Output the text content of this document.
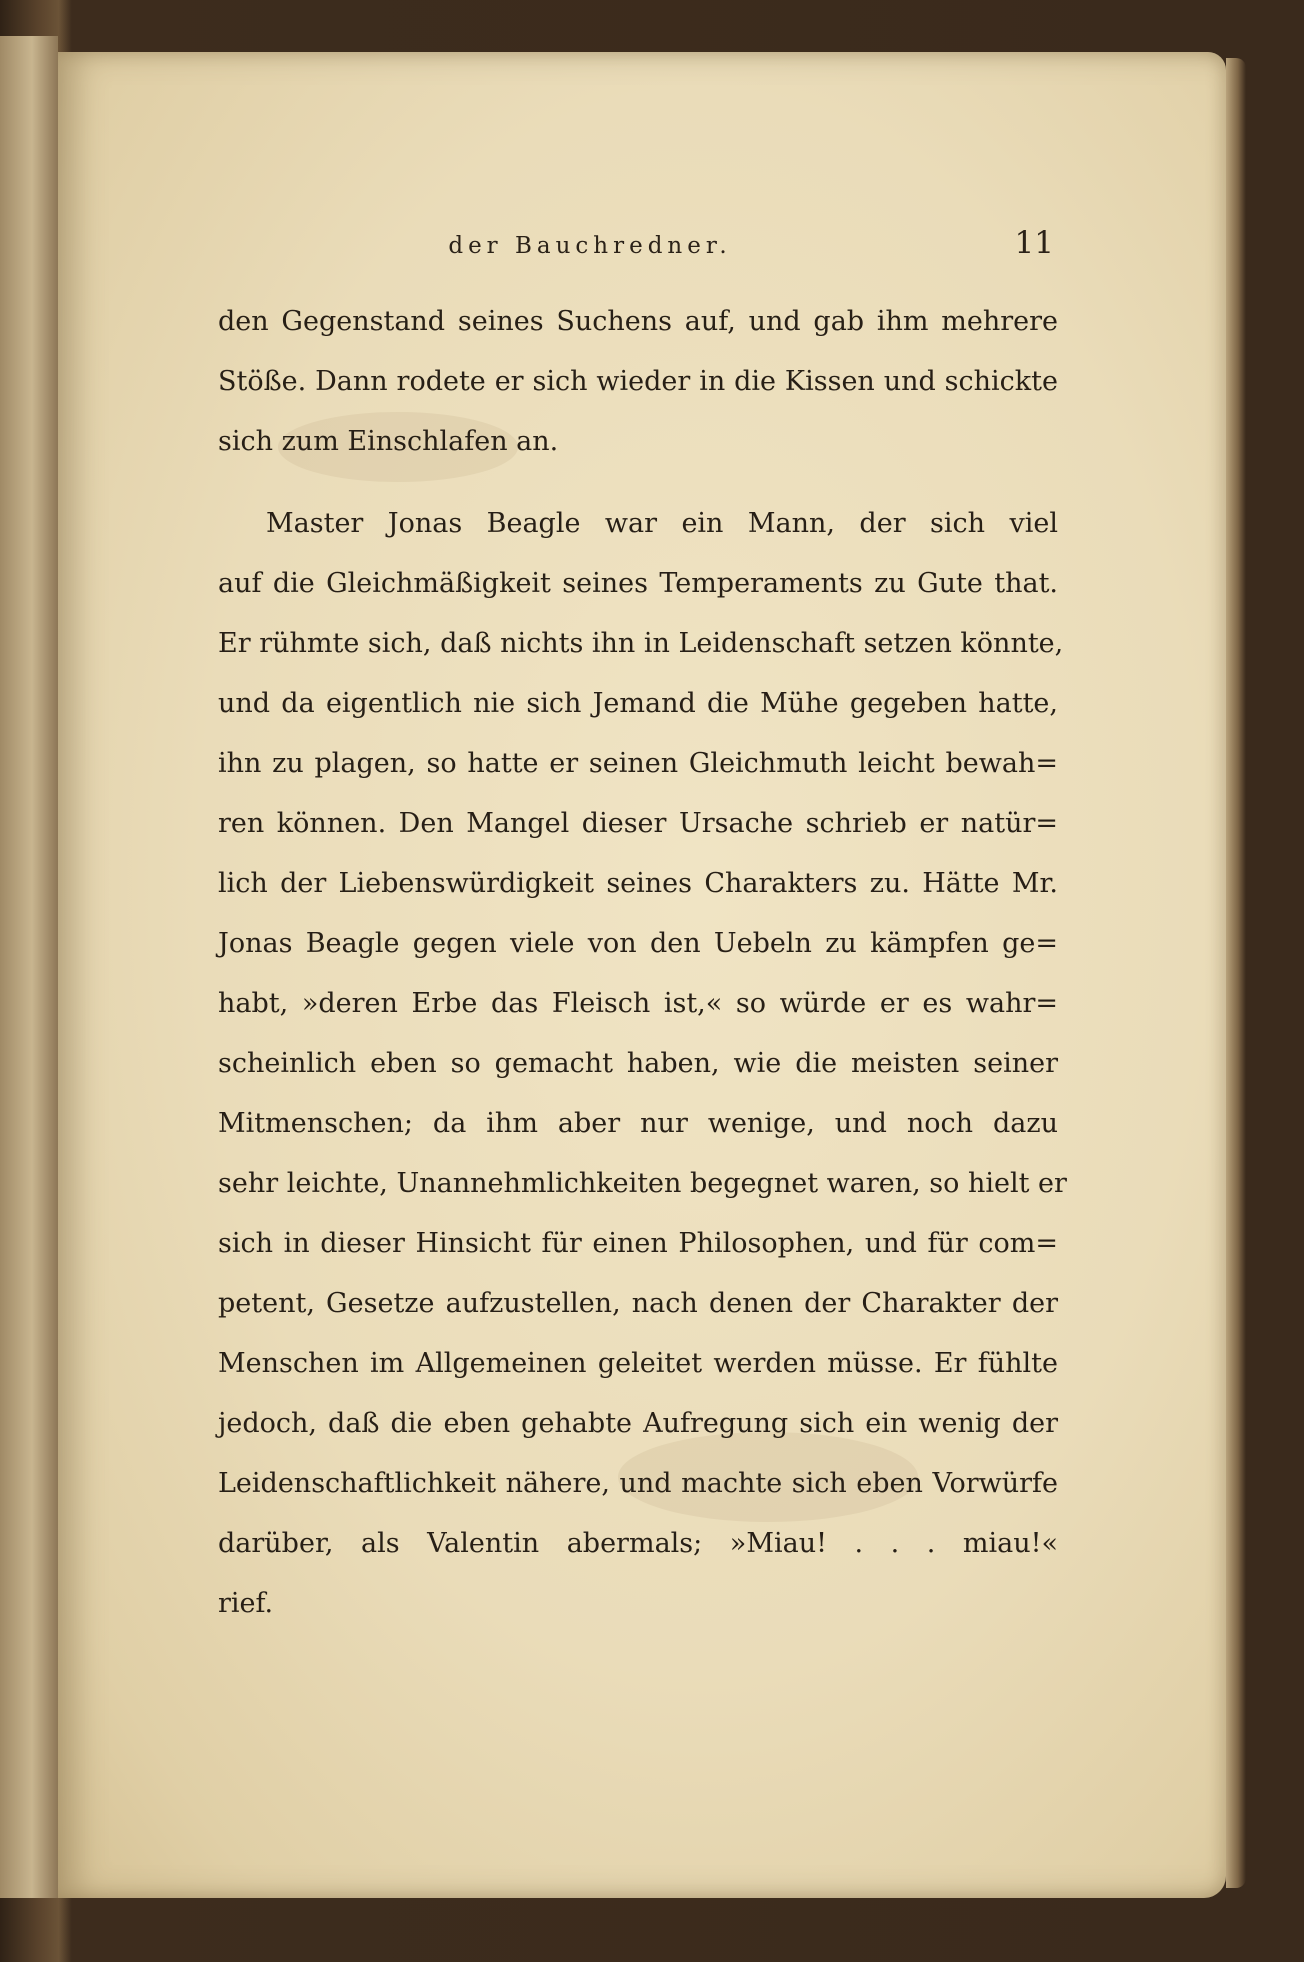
der Bauchredner.	11
den Gegenstand seines Suchens auf, und gab ihm mehrere
Stöße. Dann rodete er sich wieder in die Kissen und schickte
sich zum Einschlafen an.
Master Jonas Beagle war ein Mann, der sich viel
auf die Gleichmäßigkeit seines Temperaments zu Gute that.
Er rühmte sich, daß nichts ihn in Leidenschaft setzen könnte,
und da eigentlich nie sich Jemand die Mühe gegeben hatte,
ihn zu plagen, so hatte er seinen Gleichmuth leicht bewah=
ren können. Den Mangel dieser Ursache schrieb er natür=
lich der Liebenswürdigkeit seines Charakters zu. Hätte Mr.
Jonas Beagle gegen viele von den Uebeln zu kämpfen ge=
habt, »deren Erbe das Fleisch ist,« so würde er es wahr=
scheinlich eben so gemacht haben, wie die meisten seiner
Mitmenschen; da ihm aber nur wenige, und noch dazu
sehr leichte, Unannehmlichkeiten begegnet waren, so hielt er
sich in dieser Hinsicht für einen Philosophen, und für com=
petent, Gesetze aufzustellen, nach denen der Charakter der
Menschen im Allgemeinen geleitet werden müsse. Er fühlte
jedoch, daß die eben gehabte Aufregung sich ein wenig der
Leidenschaftlichkeit nähere, und machte sich eben Vorwürfe
darüber, als Valentin abermals; »Miau! . . . miau!«
rief.
